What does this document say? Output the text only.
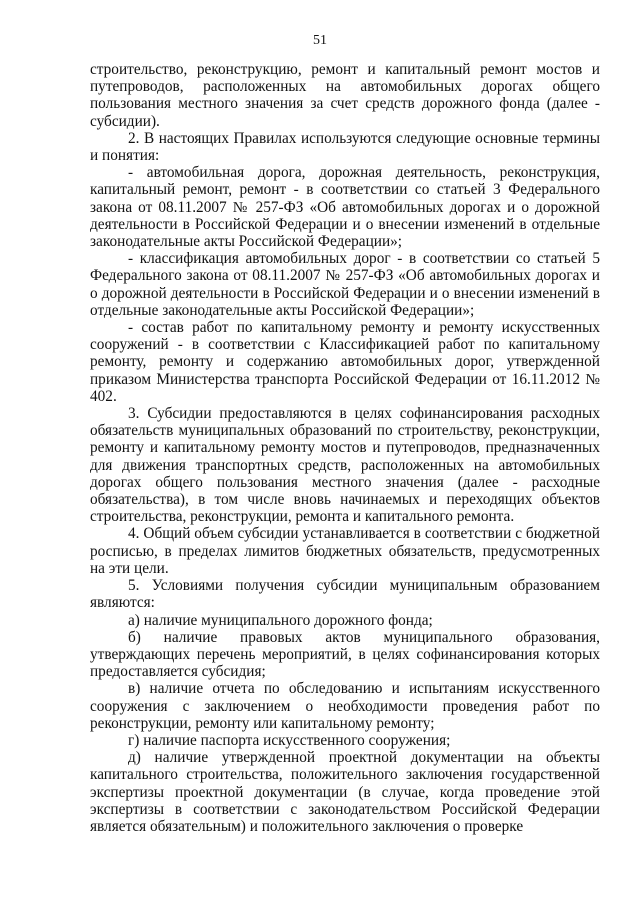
51

строительство, реконструкцию, ремонт и капитальный ремонт мостов и путепроводов, расположенных на автомобильных дорогах общего пользования местного значения за счет средств дорожного фонда (далее - субсидии).

2. В настоящих Правилах используются следующие основные термины и понятия:

- автомобильная дорога, дорожная деятельность, реконструкция, капитальный ремонт, ремонт - в соответствии со статьей 3 Федерального закона от 08.11.2007 № 257-ФЗ «Об автомобильных дорогах и о дорожной деятельности в Российской Федерации и о внесении изменений в отдельные законодательные акты Российской Федерации»;

- классификация автомобильных дорог - в соответствии со статьей 5 Федерального закона от 08.11.2007 № 257-ФЗ «Об автомобильных дорогах и о дорожной деятельности в Российской Федерации и о внесении изменений в отдельные законодательные акты Российской Федерации»;

- состав работ по капитальному ремонту и ремонту искусственных сооружений - в соответствии с Классификацией работ по капитальному ремонту, ремонту и содержанию автомобильных дорог, утвержденной приказом Министерства транспорта Российской Федерации от 16.11.2012 № 402.

3. Субсидии предоставляются в целях софинансирования расходных обязательств муниципальных образований по строительству, реконструкции, ремонту и капитальному ремонту мостов и путепроводов, предназначенных для движения транспортных средств, расположенных на автомобильных дорогах общего пользования местного значения (далее - расходные обязательства), в том числе вновь начинаемых и переходящих объектов строительства, реконструкции, ремонта и капитального ремонта.

4. Общий объем субсидии устанавливается в соответствии с бюджетной росписью, в пределах лимитов бюджетных обязательств, предусмотренных на эти цели.

5. Условиями получения субсидии муниципальным образованием являются:

а) наличие муниципального дорожного фонда;

б) наличие правовых актов муниципального образования, утверждающих перечень мероприятий, в целях софинансирования которых предоставляется субсидия;

в) наличие отчета по обследованию и испытаниям искусственного сооружения с заключением о необходимости проведения работ по реконструкции, ремонту или капитальному ремонту;

г) наличие паспорта искусственного сооружения;

д) наличие утвержденной проектной документации на объекты капитального строительства, положительного заключения государственной экспертизы проектной документации (в случае, когда проведение этой экспертизы в соответствии с законодательством Российской Федерации является обязательным) и положительного заключения о проверке
